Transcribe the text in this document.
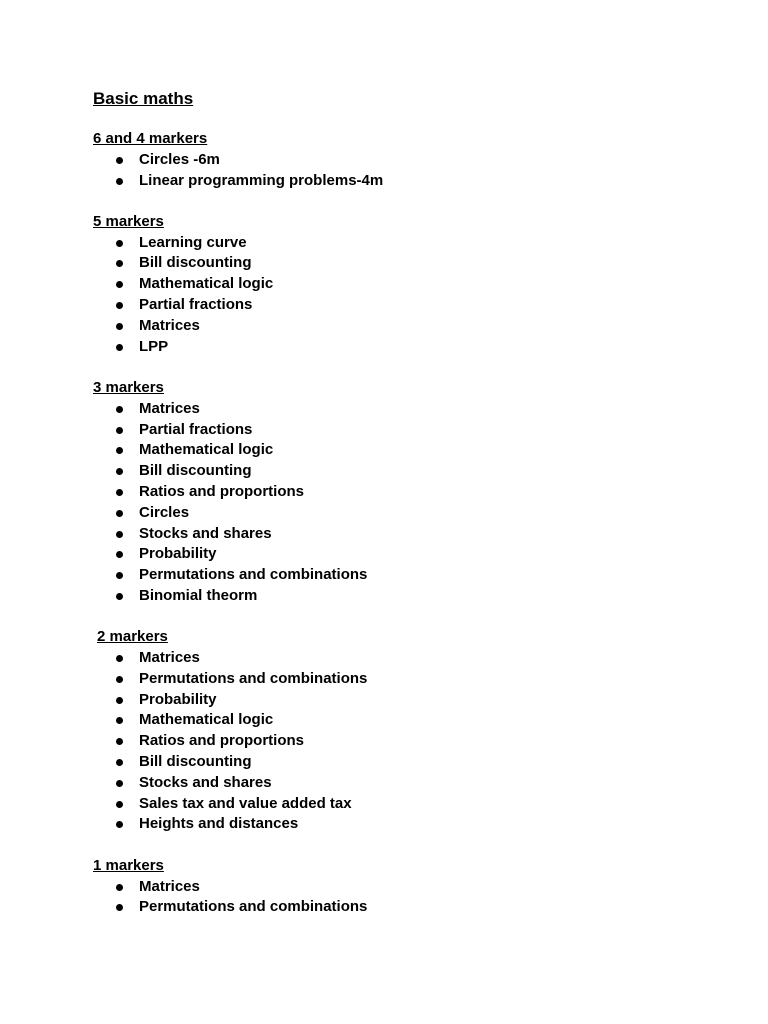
Basic maths
6 and 4 markers
Circles -6m
Linear programming problems-4m
5 markers
Learning curve
Bill discounting
Mathematical logic
Partial fractions
Matrices
LPP
3 markers
Matrices
Partial fractions
Mathematical logic
Bill discounting
Ratios and proportions
Circles
Stocks and shares
Probability
Permutations and combinations
Binomial theorm
2 markers
Matrices
Permutations and combinations
Probability
Mathematical logic
Ratios and proportions
Bill discounting
Stocks and shares
Sales tax and value added tax
Heights and distances
1 markers
Matrices
Permutations and combinations
